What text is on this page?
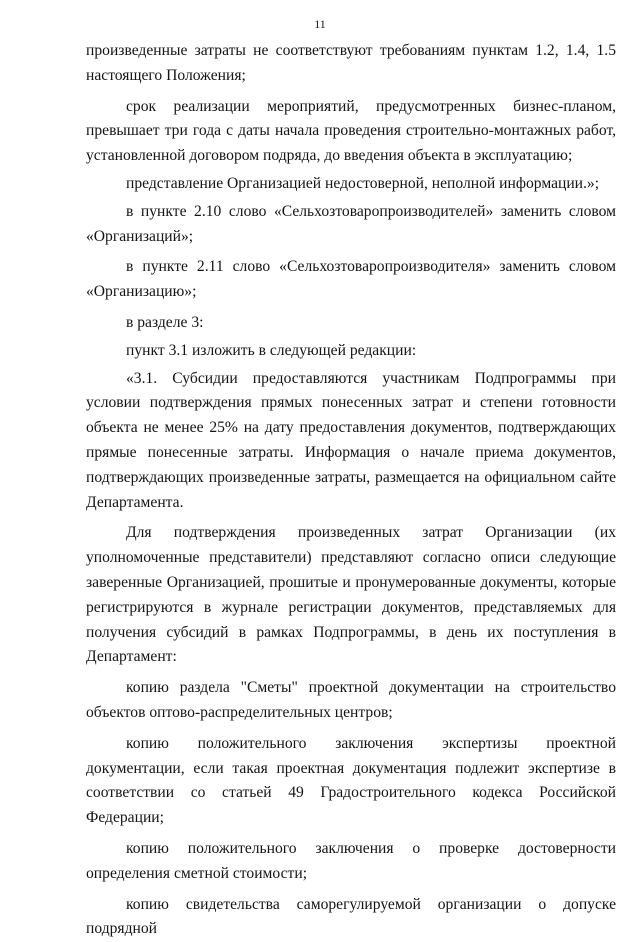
11

произведенные затраты не соответствуют требованиям пунктам 1.2, 1.4, 1.5 настоящего Положения;

срок реализации мероприятий, предусмотренных бизнес-планом, превышает три года с даты начала проведения строительно-монтажных работ, установленной договором подряда, до введения объекта в эксплуатацию;

представление Организацией недостоверной, неполной информации.»;

в пункте 2.10 слово «Сельхозтоваропроизводителей» заменить словом «Организаций»;

в пункте 2.11 слово «Сельхозтоваропроизводителя» заменить словом «Организацию»;

в разделе 3:

пункт 3.1 изложить в следующей редакции:

«3.1. Субсидии предоставляются участникам Подпрограммы при условии подтверждения прямых понесенных затрат и степени готовности объекта не менее 25% на дату предоставления документов, подтверждающих прямые понесенные затраты. Информация о начале приема документов, подтверждающих произведенные затраты, размещается на официальном сайте Департамента.

Для подтверждения произведенных затрат Организации (их уполномоченные представители) представляют согласно описи следующие заверенные Организацией, прошитые и пронумерованные документы, которые регистрируются в журнале регистрации документов, представляемых для получения субсидий в рамках Подпрограммы, в день их поступления в Департамент:

копию раздела "Сметы" проектной документации на строительство объектов оптово-распределительных центров;

копию положительного заключения экспертизы проектной документации, если такая проектная документация подлежит экспертизе в соответствии со статьей 49 Градостроительного кодекса Российской Федерации;

копию положительного заключения о проверке достоверности определения сметной стоимости;

копию свидетельства саморегулируемой организации о допуске подрядной
